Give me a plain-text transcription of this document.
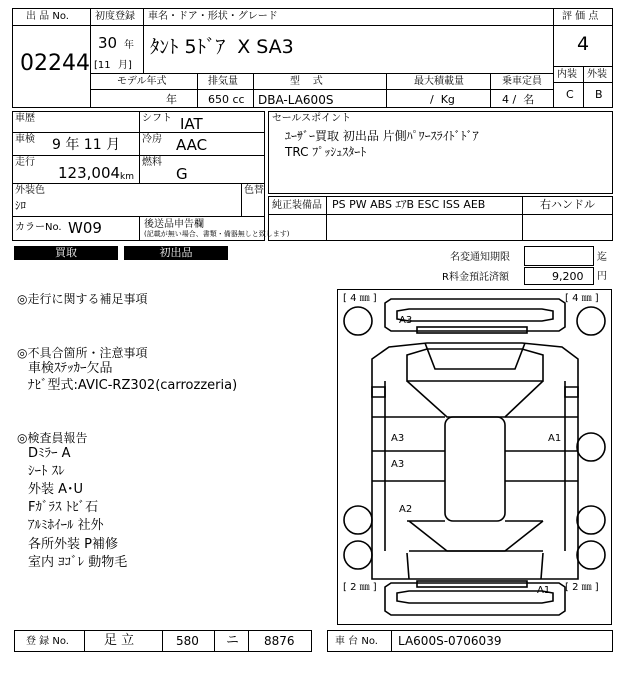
出 品 No.
02244
初度登録
30 年
[11 月]
車名・ドア・形状・グレード
ﾀﾝﾄ 5ﾄﾞｱ  X SA3
評 価 点
4
内装 外装
C B
モデル年式
年
排気量
650 cc
型    式
DBA-LA600S
最大積載量
/  Kg
乗車定員
4 /  名
車歴	シフト IAT
車検 9 年 11 月 冷房 AAC
走行
123,004 km
燃料
G
外装色
ｼﾛ
色替
カラーNo. W09	後送品申告欄
(記載が無い場合、書類・備器無しと致します)
セールスポイント
ﾕｰｻﾞｰ買取 初出品 片側ﾊﾟﾜｰｽﾗｲﾄﾞﾄﾞｱ
TRC ﾌﾟｯｼｭｽﾀｰﾄ
純正装備品 PS PW ABS ｴｱB ESC ISS AEB	右ハンドル
買取	初出品	名変通知期限	迄
R料金預託済額	9,200 円
◎走行に関する補足事項
◎不具合箇所・注意事項
車検ｽﾃｯｶｰ欠品
ﾅﾋﾞ型式:AVIC-RZ302(carrozzeria)
◎検査員報告
Dﾐﾗｰ A
ｼｰﾄ ｽﾚ
外装 A･U
Fｶﾞﾗｽ ﾄﾋﾞ石
ｱﾙﾐﾎｲｰﾙ 社外
各所外装 P補修
室内 ﾖｺﾞﾚ 動物毛
[ 4 ㎜ ]	[ 4 ㎜ ]
[ 2 ㎜ ]	[ 2 ㎜ ]
A3
A3
A3
A1
A2
A1
登 録 No.	足 立	580 ニ 8876	車 台 No. LA600S-0706039
